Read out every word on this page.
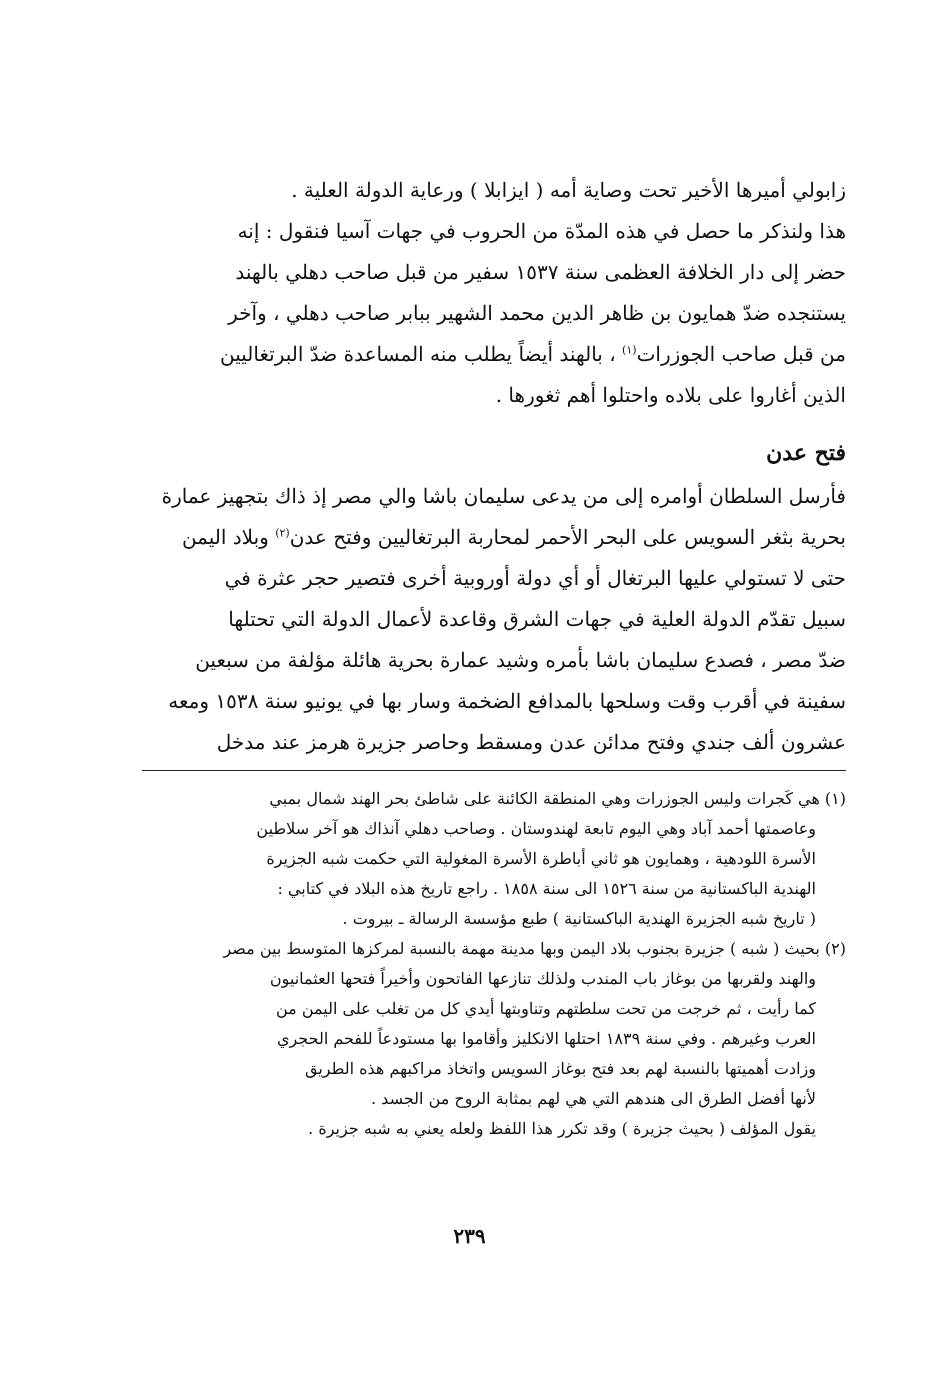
زابولي أميرها الأخير تحت وصاية أمه ( ايزابلا ) ورعاية الدولة العلية .
هذا ولنذكر ما حصل في هذه المدّة من الحروب في جهات آسيا فنقول : إنه
حضر إلى دار الخلافة العظمى سنة ١٥٣٧ سفير من قبل صاحب دهلي بالهند
يستنجده ضدّ همايون بن ظاهر الدين محمد الشهير ببابر صاحب دهلي ، وآخر
من قبل صاحب الجوزرات$^{(١)}$ ، بالهند أيضاً يطلب منه المساعدة ضدّ البرتغاليين
الذين أغاروا على بلاده واحتلوا أهم ثغورها .
فتح عدن
فأرسل السلطان أوامره إلى من يدعى سليمان باشا والي مصر إذ ذاك بتجهيز عمارة
بحرية بثغر السويس على البحر الأحمر لمحاربة البرتغاليين وفتح عدن$^{(٢)}$ وبلاد اليمن
حتى لا تستولي عليها البرتغال أو أي دولة أوروبية أخرى فتصير حجر عثرة في
سبيل تقدّم الدولة العلية في جهات الشرق وقاعدة لأعمال الدولة التي تحتلها
ضدّ مصر ، فصدع سليمان باشا بأمره وشيد عمارة بحرية هائلة مؤلفة من سبعين
سفينة في أقرب وقت وسلحها بالمدافع الضخمة وسار بها في يونيو سنة ١٥٣٨ ومعه
عشرون ألف جندي وفتح مدائن عدن ومسقط وحاصر جزيرة هرمز عند مدخل
(١) هي كَجرات وليس الجوزرات وهي المنطقة الكائنة على شاطئ بحر الهند شمال بمبي
وعاصمتها أحمد آباد وهي اليوم تابعة لهندوستان . وصاحب دهلي آنذاك هو آخر سلاطين
الأسرة اللودهية ، وهمايون هو ثاني أباطرة الأسرة المغولية التي حكمت شبه الجزيرة
الهندية الباكستانية من سنة ١٥٢٦ الى سنة ١٨٥٨ . راجع تاريخ هذه البلاد في كتابي :
( تاريخ شبه الجزيرة الهندية الباكستانية ) طبع مؤسسة الرسالة ـ بيروت .
(٢) بحيث ( شبه ) جزيرة بجنوب بلاد اليمن وبها مدينة مهمة بالنسبة لمركزها المتوسط بين مصر
والهند ولقربها من بوغاز باب المندب ولذلك تنازعها الفاتحون وأخيراً فتحها العثمانيون
كما رأيت ، ثم خرجت من تحت سلطتهم وتناوبتها أيدي كل من تغلب على اليمن من
العرب وغيرهم . وفي سنة ١٨٣٩ احتلها الانكليز وأقاموا بها مستودعاً للفحم الحجري
وزادت أهميتها بالنسبة لهم بعد فتح بوغاز السويس واتخاذ مراكبهم هذه الطريق
لأنها أفضل الطرق الى هندهم التي هي لهم بمثابة الروح من الجسد .
يقول المؤلف ( بحيث جزيرة ) وقد تكرر هذا اللفظ ولعله يعني به شبه جزيرة .
٢٣٩
